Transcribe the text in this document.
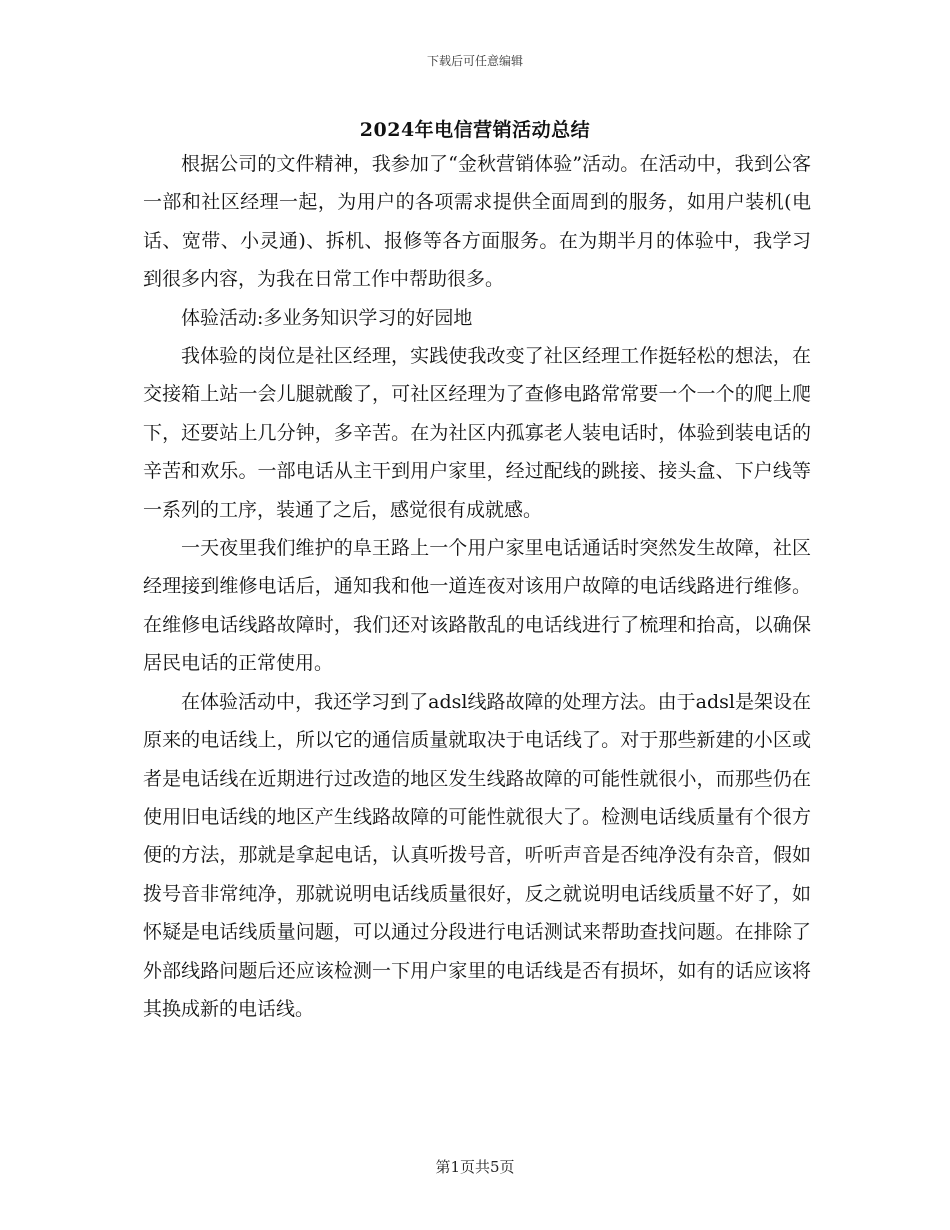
下载后可任意编辑
2024年电信营销活动总结

根据公司的文件精神，我参加了“金秋营销体验”活动。在活动中，我到公客一部和社区经理一起，为用户的各项需求提供全面周到的服务，如用户装机(电话、宽带、小灵通)、拆机、报修等各方面服务。在为期半月的体验中，我学习到很多内容，为我在日常工作中帮助很多。

体验活动:多业务知识学习的好园地

我体验的岗位是社区经理，实践使我改变了社区经理工作挺轻松的想法，在交接箱上站一会儿腿就酸了，可社区经理为了查修电路常常要一个一个的爬上爬下，还要站上几分钟，多辛苦。在为社区内孤寡老人装电话时，体验到装电话的辛苦和欢乐。一部电话从主干到用户家里，经过配线的跳接、接头盒、下户线等一系列的工序，装通了之后，感觉很有成就感。

一天夜里我们维护的阜王路上一个用户家里电话通话时突然发生故障，社区经理接到维修电话后，通知我和他一道连夜对该用户故障的电话线路进行维修。在维修电话线路故障时，我们还对该路散乱的电话线进行了梳理和抬高，以确保居民电话的正常使用。

在体验活动中，我还学习到了adsl线路故障的处理方法。由于adsl是架设在原来的电话线上，所以它的通信质量就取决于电话线了。对于那些新建的小区或者是电话线在近期进行过改造的地区发生线路故障的可能性就很小，而那些仍在使用旧电话线的地区产生线路故障的可能性就很大了。检测电话线质量有个很方便的方法，那就是拿起电话，认真听拨号音，听听声音是否纯净没有杂音，假如拨号音非常纯净，那就说明电话线质量很好，反之就说明电话线质量不好了，如怀疑是电话线质量问题，可以通过分段进行电话测试来帮助查找问题。在排除了外部线路问题后还应该检测一下用户家里的电话线是否有损坏，如有的话应该将其换成新的电话线。

第1页共5页
